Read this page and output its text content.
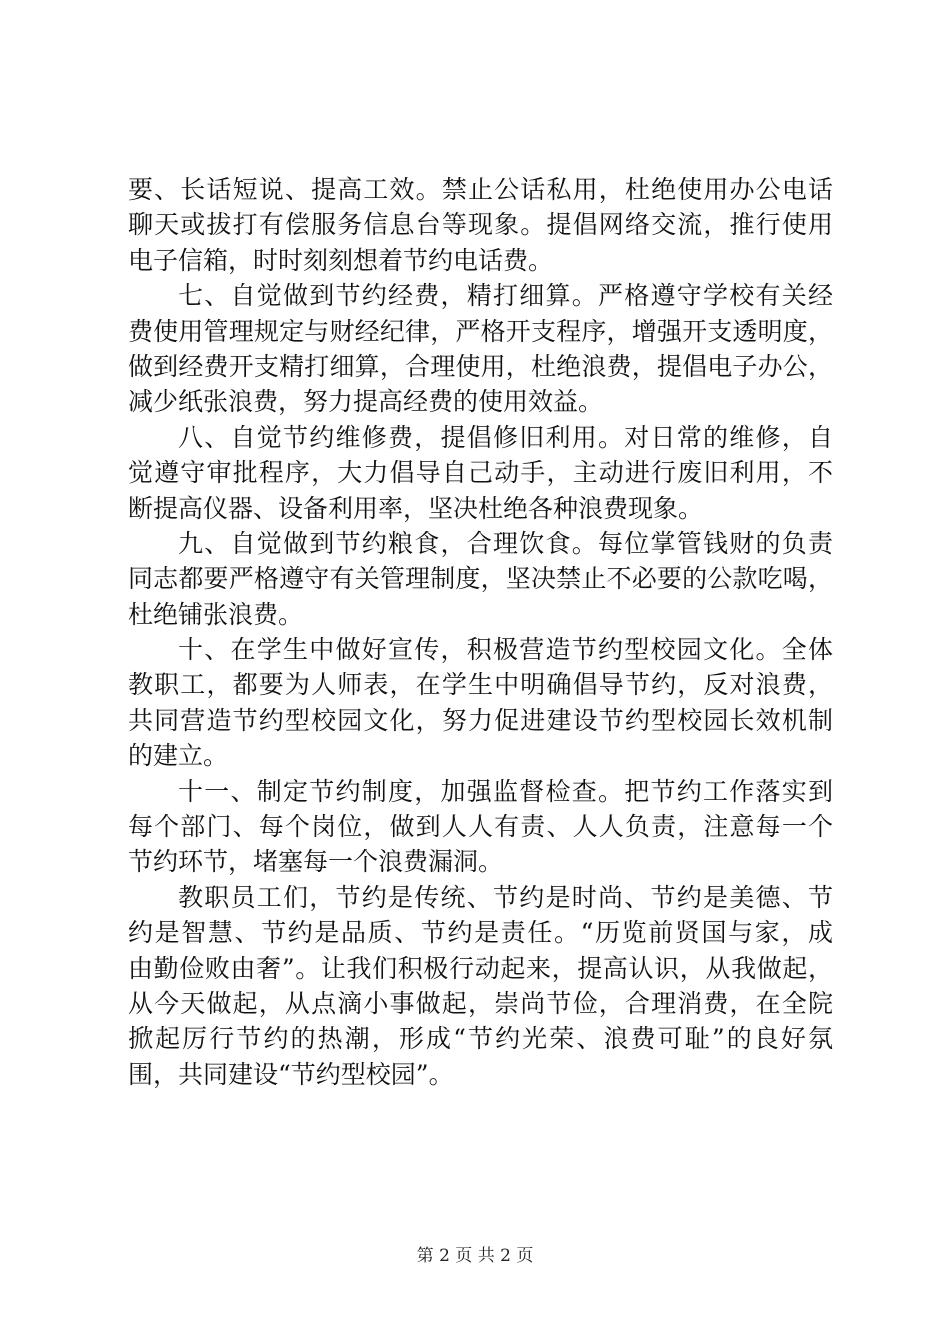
要、长话短说、提高工效。禁止公话私用，杜绝使用办公电话
聊天或拔打有偿服务信息台等现象。提倡网络交流，推行使用
电子信箱，时时刻刻想着节约电话费。
七、自觉做到节约经费，精打细算。严格遵守学校有关经
费使用管理规定与财经纪律，严格开支程序，增强开支透明度，
做到经费开支精打细算，合理使用，杜绝浪费，提倡电子办公，
减少纸张浪费，努力提高经费的使用效益。
八、自觉节约维修费，提倡修旧利用。对日常的维修，自
觉遵守审批程序，大力倡导自己动手，主动进行废旧利用，不
断提高仪器、设备利用率，坚决杜绝各种浪费现象。
九、自觉做到节约粮食，合理饮食。每位掌管钱财的负责
同志都要严格遵守有关管理制度，坚决禁止不必要的公款吃喝，
杜绝铺张浪费。
十、在学生中做好宣传，积极营造节约型校园文化。全体
教职工，都要为人师表，在学生中明确倡导节约，反对浪费，
共同营造节约型校园文化，努力促进建设节约型校园长效机制
的建立。
十一、制定节约制度，加强监督检查。把节约工作落实到
每个部门、每个岗位，做到人人有责、人人负责，注意每一个
节约环节，堵塞每一个浪费漏洞。
教职员工们，节约是传统、节约是时尚、节约是美德、节
约是智慧、节约是品质、节约是责任。“历览前贤国与家，成
由勤俭败由奢”。让我们积极行动起来，提高认识，从我做起，
从今天做起，从点滴小事做起，崇尚节俭，合理消费，在全院
掀起厉行节约的热潮，形成“节约光荣、浪费可耻”的良好氛
围，共同建设“节约型校园”。
第 2 页 共 2 页
